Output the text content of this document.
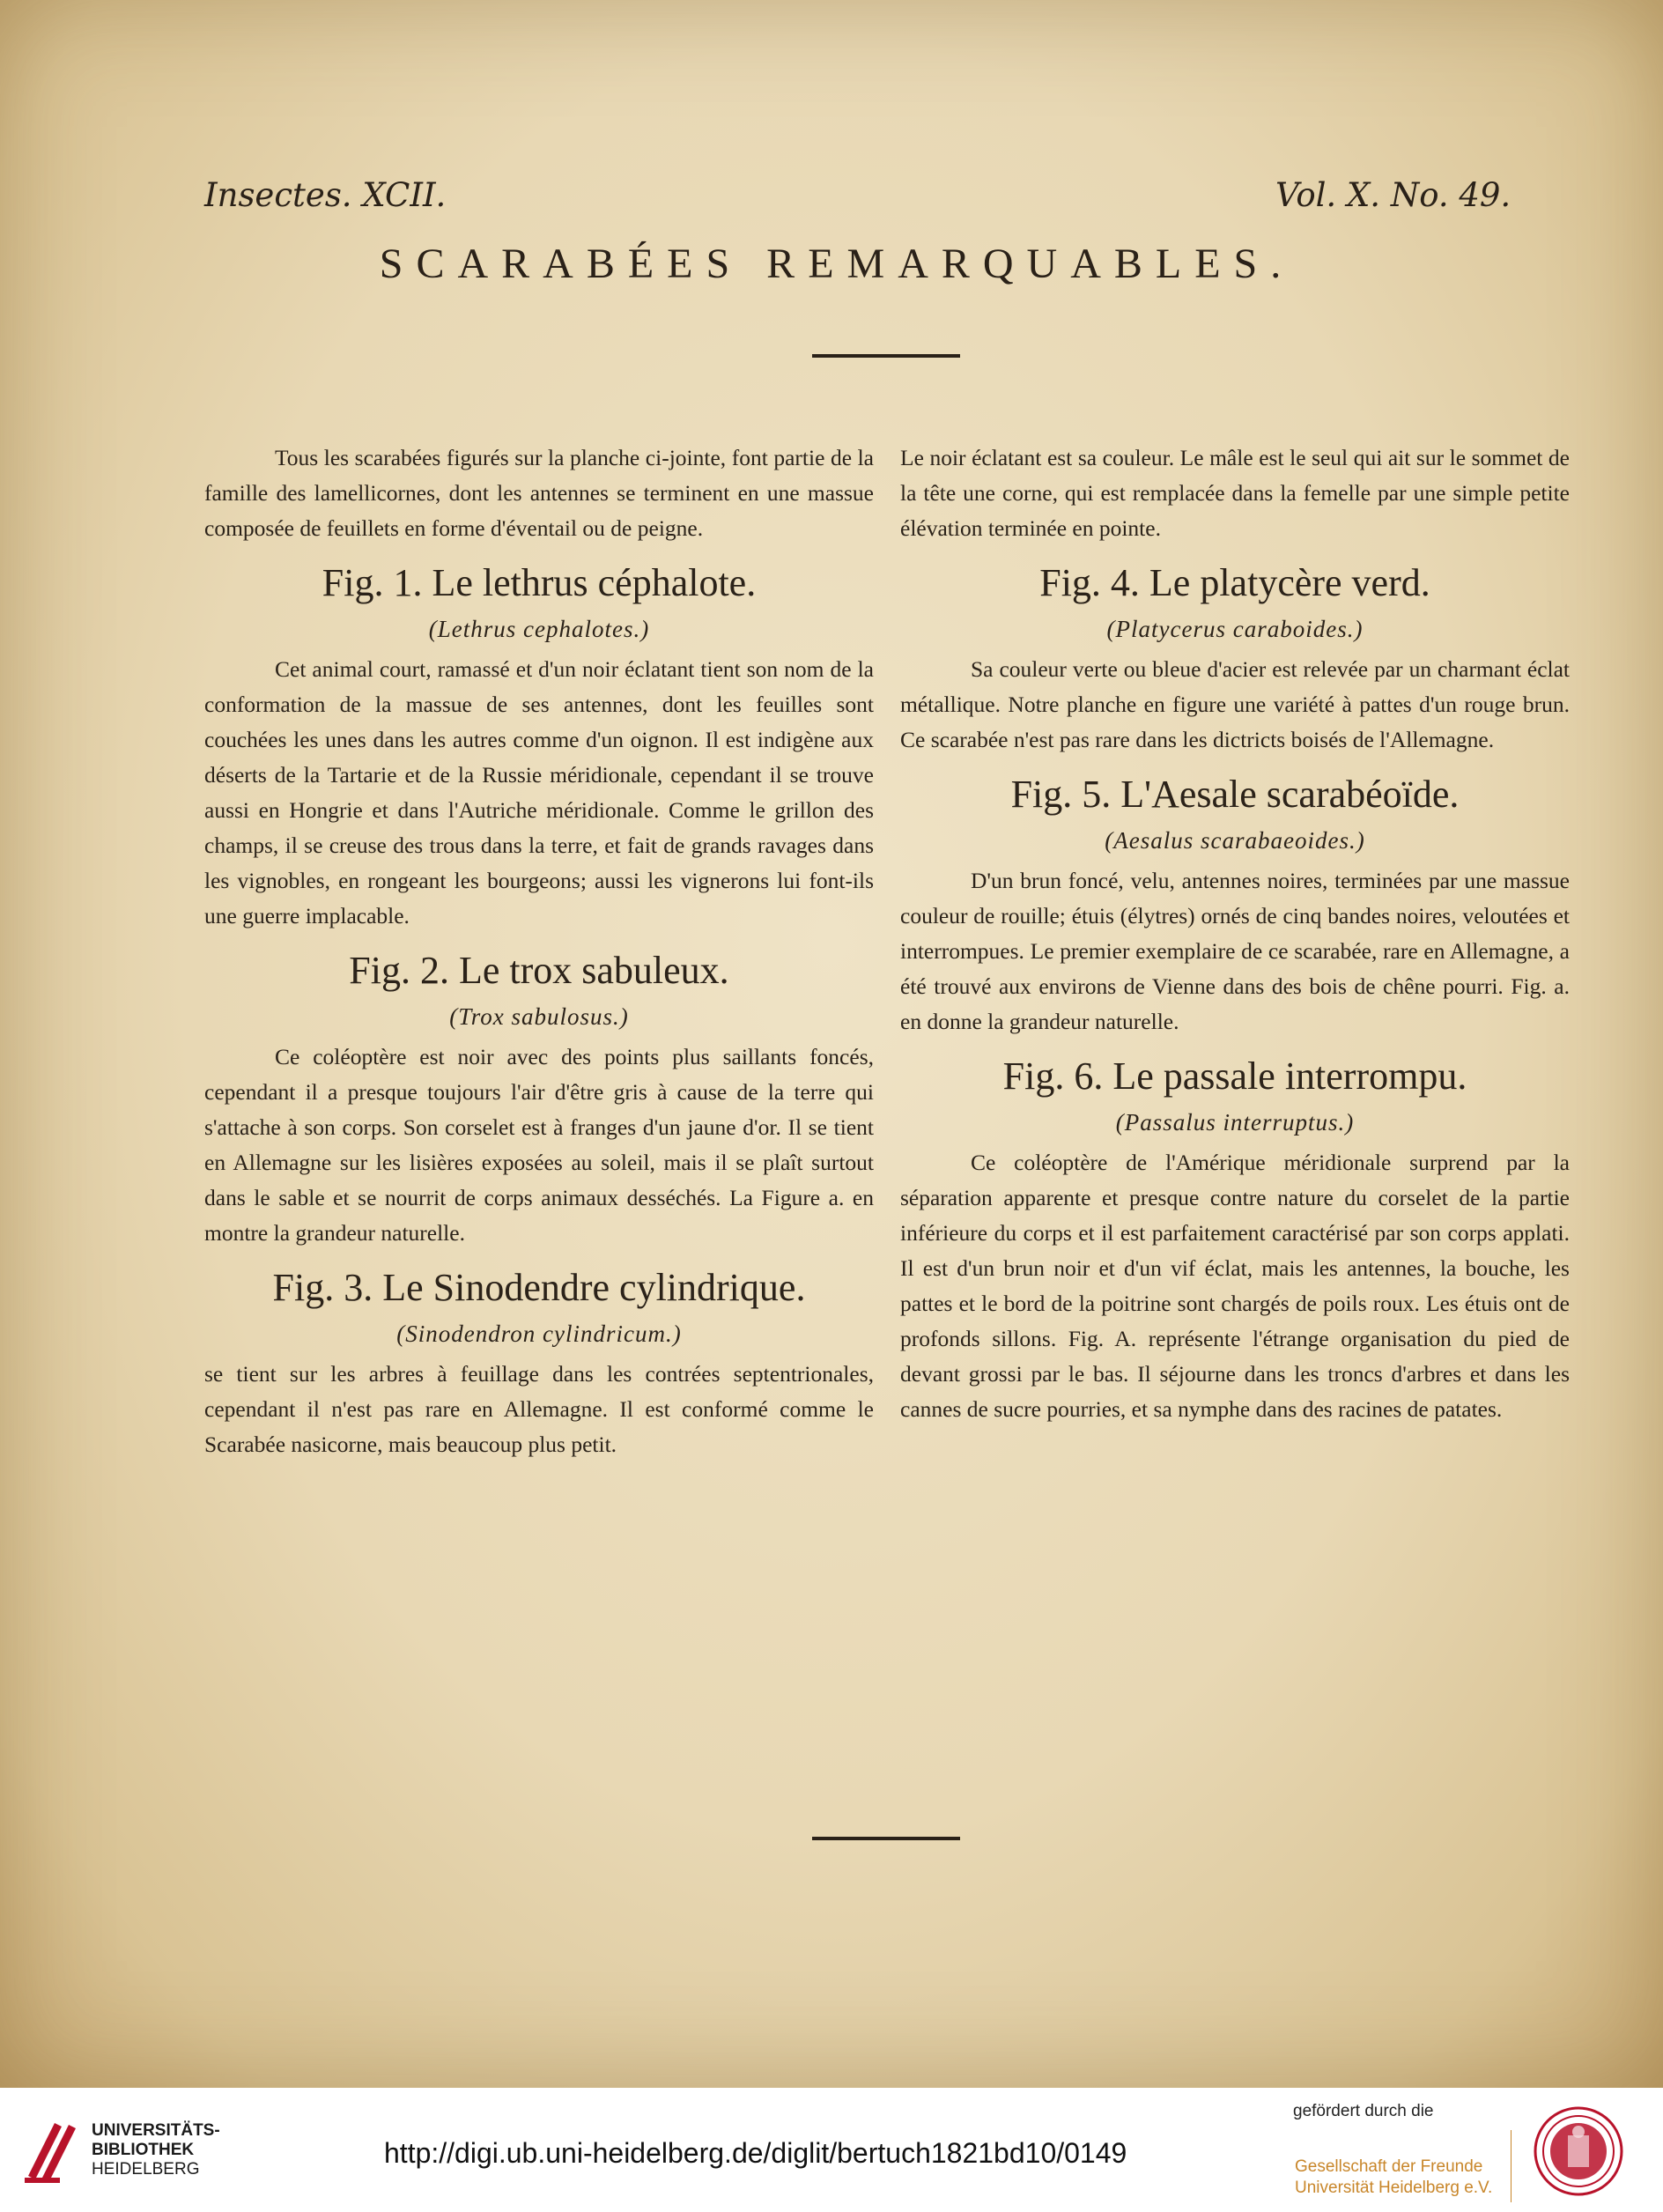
Insectes. XCII.	Vol. X. No. 49.
SCARABÉES REMARQUABLES.

Tous les scarabées figurés sur la planche ci-jointe, font partie de la famille des lamellicornes, dont les antennes se terminent en une massue composée de feuillets en forme d'éventail ou de peigne.

Fig. 1. Le lethrus céphalote.
(Lethrus cephalotes.)

Cet animal court, ramassé et d'un noir éclatant tient son nom de la conformation de la massue de ses antennes, dont les feuilles sont couchées les unes dans les autres comme d'un oignon. Il est indigène aux déserts de la Tartarie et de la Russie méridionale, cependant il se trouve aussi en Hongrie et dans l'Autriche méridionale. Comme le grillon des champs, il se creuse des trous dans la terre, et fait de grands ravages dans les vignobles, en rongeant les bourgeons; aussi les vignerons lui font-ils une guerre implacable.

Fig. 2. Le trox sabuleux.
(Trox sabulosus.)

Ce coléoptère est noir avec des points plus saillants foncés, cependant il a presque toujours l'air d'être gris à cause de la terre qui s'attache à son corps. Son corselet est à franges d'un jaune d'or. Il se tient en Allemagne sur les lisières exposées au soleil, mais il se plaît surtout dans le sable et se nourrit de corps animaux desséchés. La Figure a. en montre la grandeur naturelle.

Fig. 3. Le Sinodendre cylindrique.
(Sinodendron cylindricum.)

se tient sur les arbres à feuillage dans les contrées septentrionales, cependant il n'est pas rare en Allemagne. Il est conformé comme le Scarabée nasicorne, mais beaucoup plus petit.

Le noir éclatant est sa couleur. Le mâle est le seul qui ait sur le sommet de la tête une corne, qui est remplacée dans la femelle par une simple petite élévation terminée en pointe.

Fig. 4. Le platycère verd.
(Platycerus caraboides.)

Sa couleur verte ou bleue d'acier est relevée par un charmant éclat métallique. Notre planche en figure une variété à pattes d'un rouge brun. Ce scarabée n'est pas rare dans les dictricts boisés de l'Allemagne.

Fig. 5. L'Aesale scarabéoïde.
(Aesalus scarabaeoides.)

D'un brun foncé, velu, antennes noires, terminées par une massue couleur de rouille; étuis (élytres) ornés de cinq bandes noires, veloutées et interrompues. Le premier exemplaire de ce scarabée, rare en Allemagne, a été trouvé aux environs de Vienne dans des bois de chêne pourri. Fig. a. en donne la grandeur naturelle.

Fig. 6. Le passale interrompu.
(Passalus interruptus.)

Ce coléoptère de l'Amérique méridionale surprend par la séparation apparente et presque contre nature du corselet de la partie inférieure du corps et il est parfaitement caractérisé par son corps applati. Il est d'un brun noir et d'un vif éclat, mais les antennes, la bouche, les pattes et le bord de la poitrine sont chargés de poils roux. Les étuis ont de profonds sillons. Fig. A. représente l'étrange organisation du pied de devant grossi par le bas. Il séjourne dans les troncs d'arbres et dans les cannes de sucre pourries, et sa nymphe dans des racines de patates.

UNIVERSITÄTS-
BIBLIOTHEK
HEIDELBERG
http://digi.ub.uni-heidelberg.de/diglit/bertuch1821bd10/0149
gefördert durch die
Gesellschaft der Freunde
Universität Heidelberg e.V.
